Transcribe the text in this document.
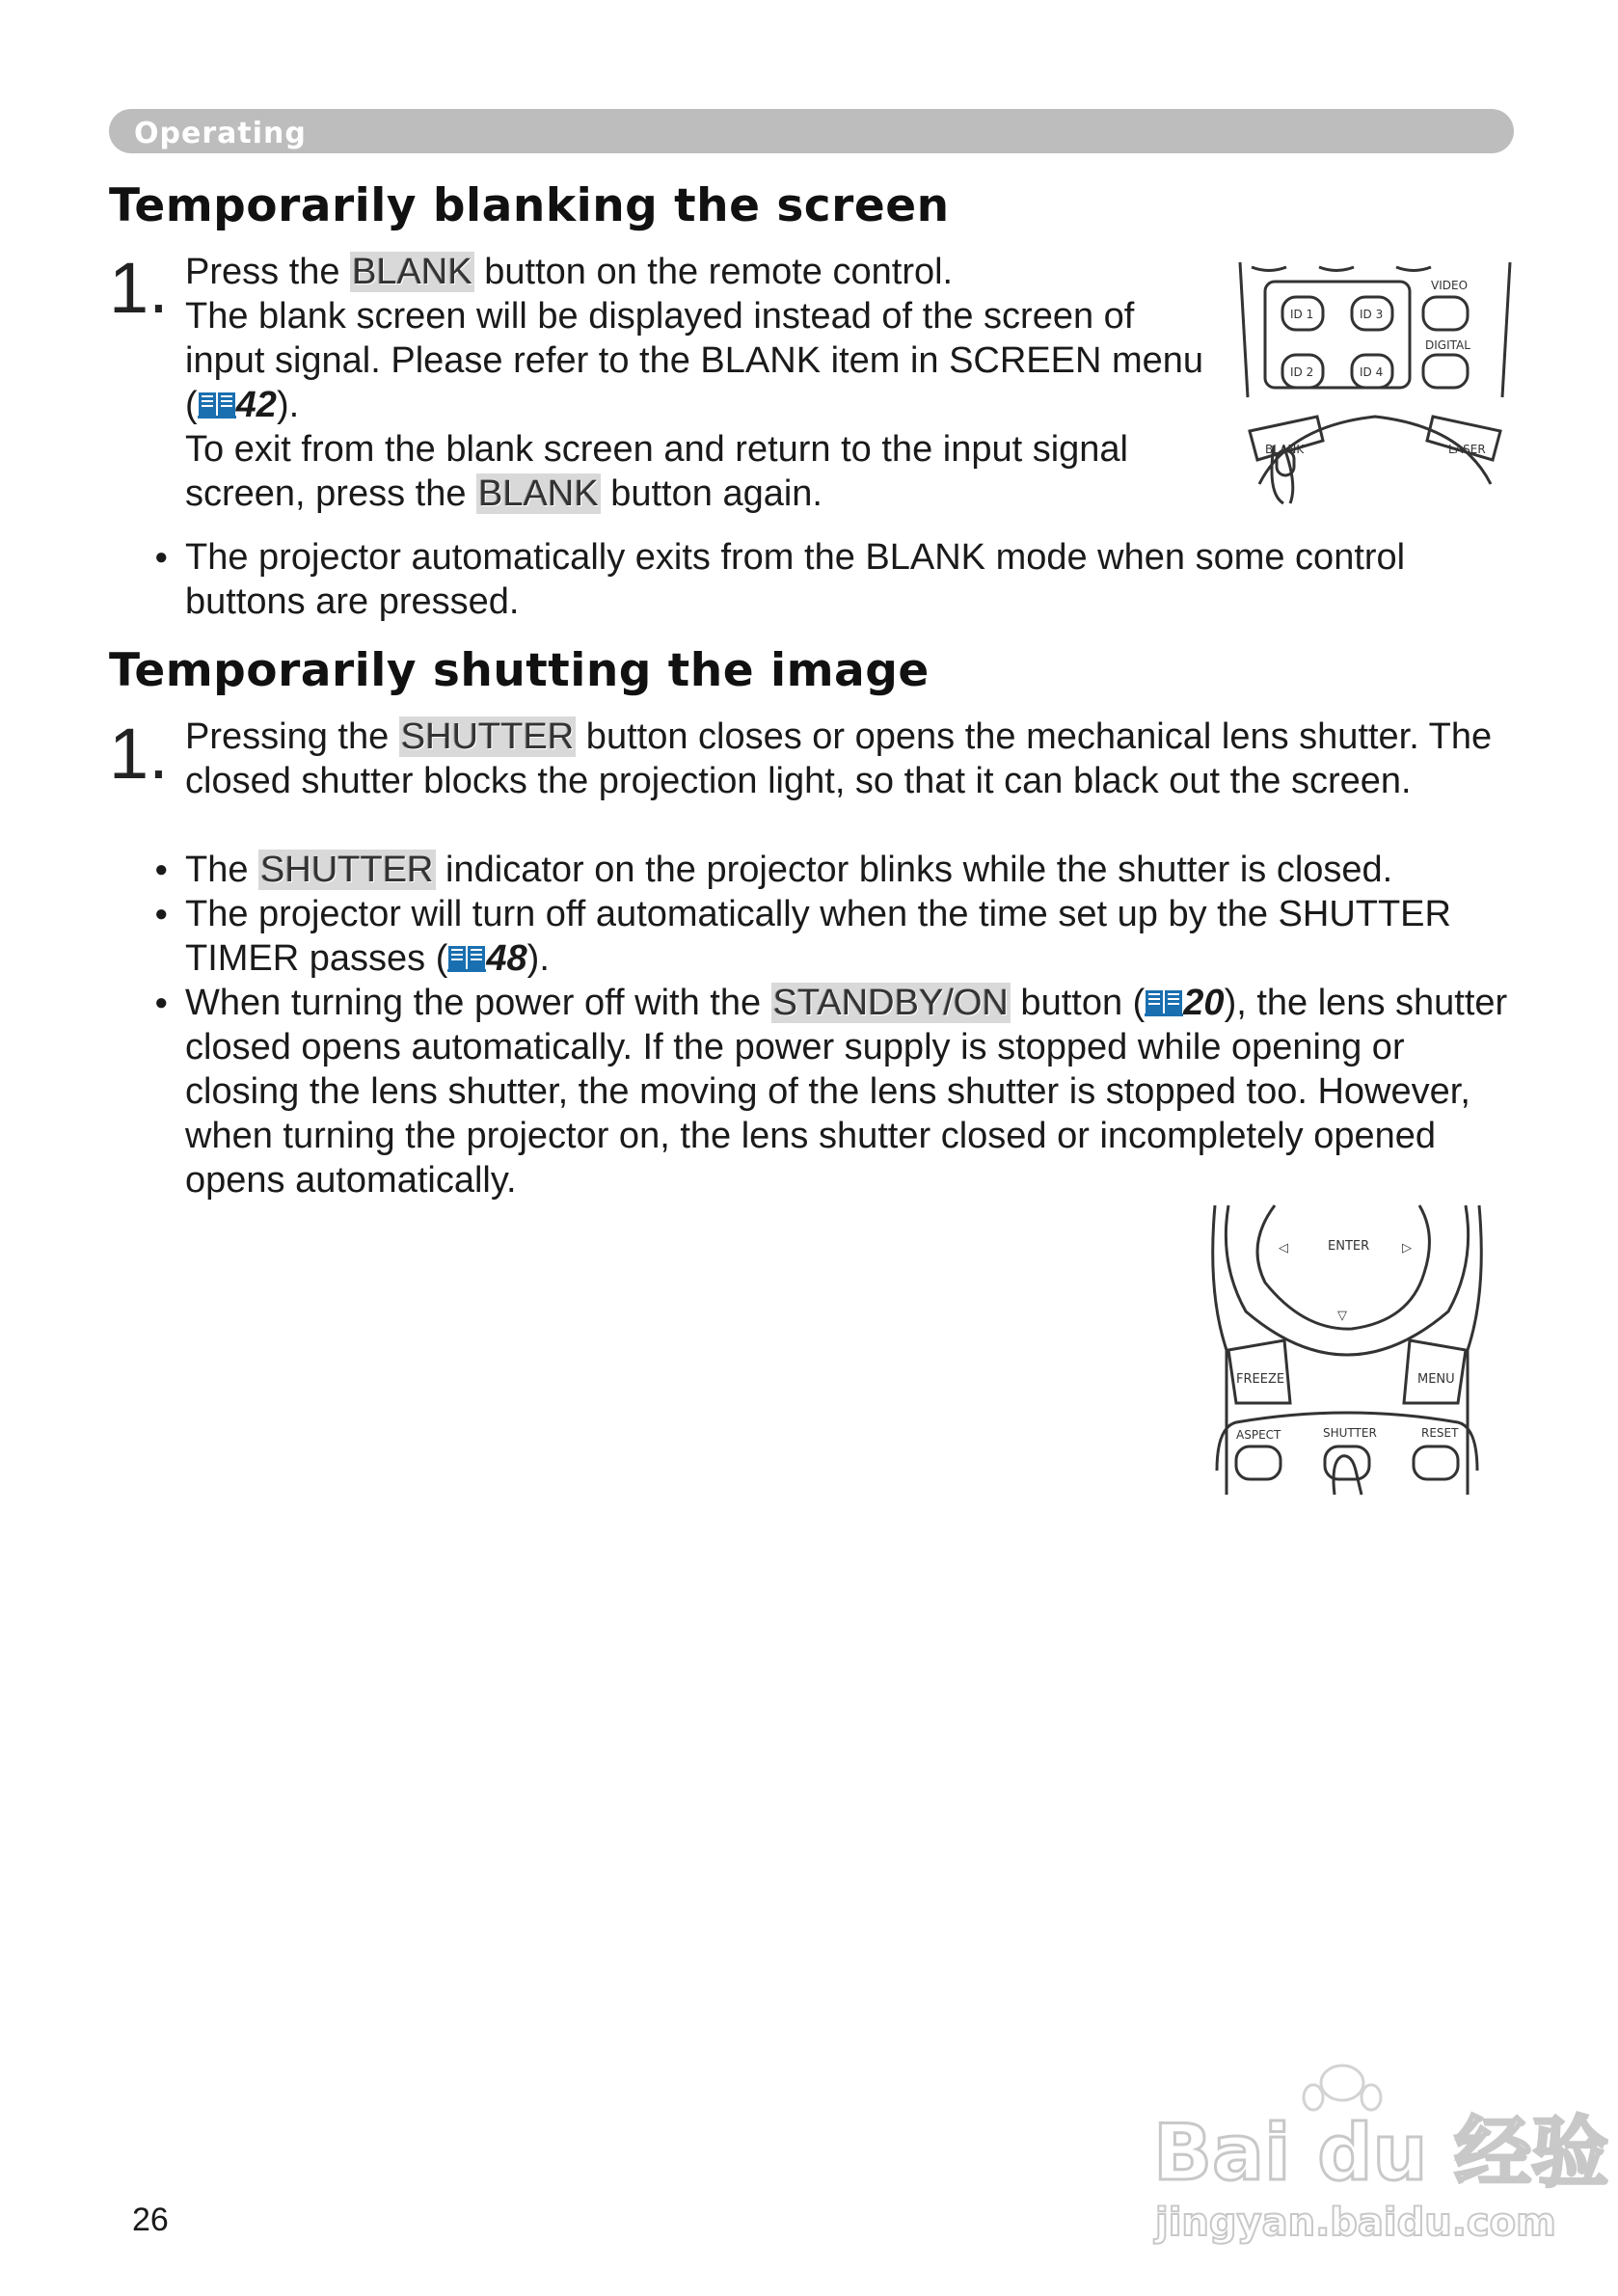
Operating
Temporarily blanking the screen
1. Press the BLANK button on the remote control.

The blank screen will be displayed instead of the screen of input signal. Please refer to the BLANK item in SCREEN menu ( 42).

To exit from the blank screen and return to the input signal screen, press the BLANK button again.

● The projector automatically exits from the BLANK mode when some control buttons are pressed.
ID 1	ID 3
ID 2	ID 4
VIDEO
DIGITAL
BLANK	LASER
Temporarily shutting the image
1. Pressing the SHUTTER button closes or opens the mechanical lens shutter. The closed shutter blocks the projection light, so that it can black out the screen.

● The SHUTTER indicator on the projector blinks while the shutter is closed.
● The projector will turn off automatically when the time set up by the SHUTTER TIMER passes ( 48).
● When turning the power off with the STANDBY/ON button ( 20), the lens shutter closed opens automatically. If the power supply is stopped while opening or closing the lens shutter, the moving of the lens shutter is stopped too. However, when turning the projector on, the lens shutter closed or incompletely opened opens automatically.
ENTER
◁	▷
▽
FREEZE	MENU
ASPECT	SHUTTER	RESET
26
Bai du 经验
jingyan.baidu.com
